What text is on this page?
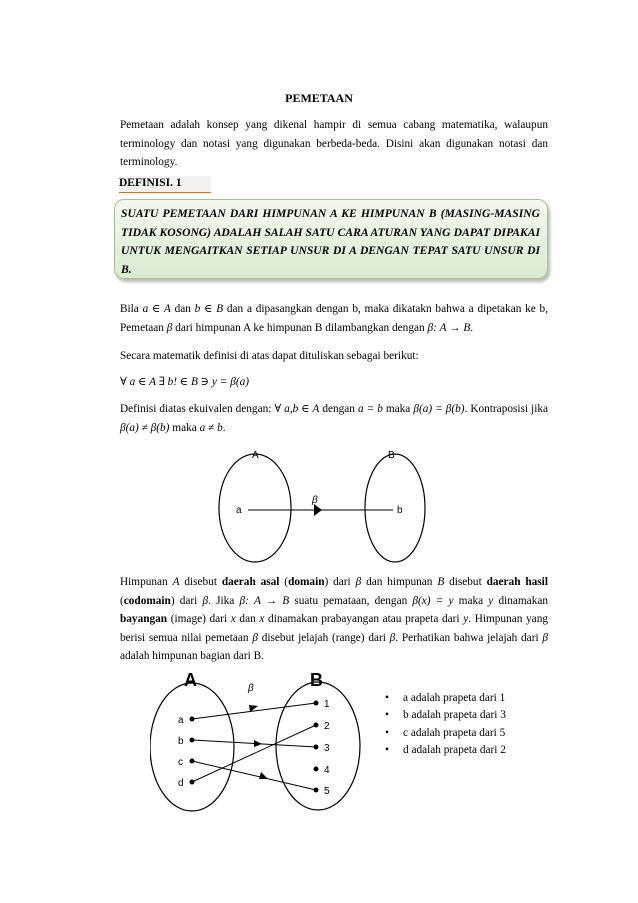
PEMETAAN
Pemetaan adalah konsep yang dikenal hampir di semua cabang matematika, walaupun terminology dan notasi yang digunakan berbeda-beda. Disini akan digunakan notasi dan terminology.
DEFINISI. 1
SUATU PEMETAAN DARI HIMPUNAN A KE HIMPUNAN B (MASING-MASING TIDAK KOSONG) ADALAH SALAH SATU CARA ATURAN YANG DAPAT DIPAKAI UNTUK MENGAITKAN SETIAP UNSUR DI A DENGAN TEPAT SATU UNSUR DI B.
Bila a ∈ A dan b ∈ B dan a dipasangkan dengan b, maka dikatakn bahwa a dipetakan ke b, Pemetaan β dari himpunan A ke himpunan B dilambangkan dengan β: A → B.
Secara matematik definisi di atas dapat dituliskan sebagai berikut:
∀ a ∈ A ∃ b! ∈ B ∋ y = β(a)
Definisi diatas ekuivalen dengan: ∀ a,b ∈ A dengan a = b maka β(a) = β(b). Kontraposisi jika β(a) ≠ β(b) maka a ≠ b.
A	B
β
a	b
Himpunan A disebut daerah asal (domain) dari β dan himpunan B disebut daerah hasil (codomain) dari β. Jika β: A → B suatu pemataan, dengan β(x) = y maka y dinamakan bayangan (image) dari x dan x dinamakan prabayangan atau prapeta dari y. Himpunan yang berisi semua nilai pemetaan β disebut jelajah (range) dari β. Perhatikan bahwa jelajah dari β adalah himpunan bagian dari B.
A	B
β
a
b
c
d
1
2
3
4
5
•	a adalah prapeta dari 1
•	b adalah prapeta dari 3
•	c adalah prapeta dari 5
•	d adalah prapeta dari 2
